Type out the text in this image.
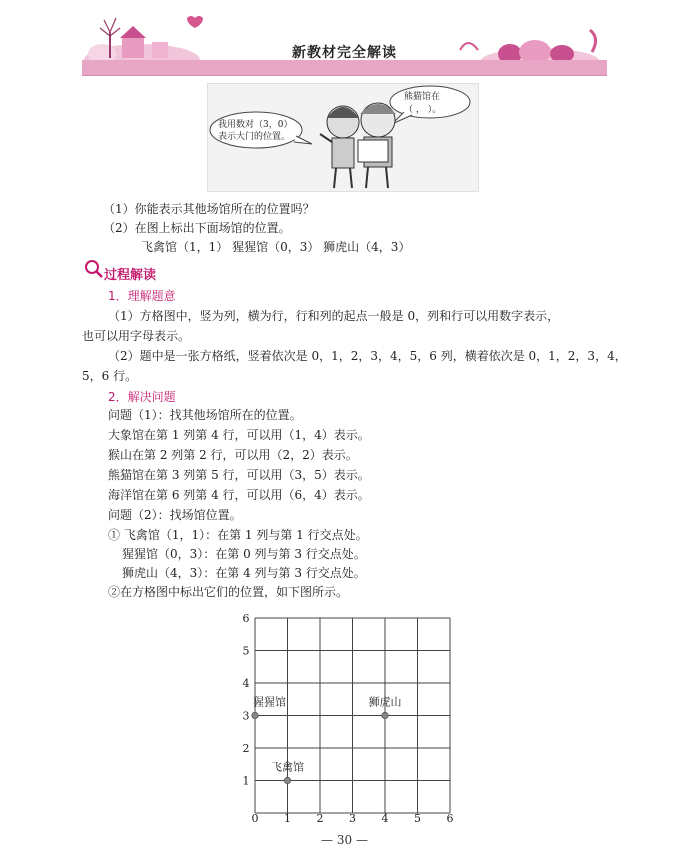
新教材完全解读
我用数对（3，0）
表示大门的位置。
熊猫馆在
（ ， ）。
（1）你能表示其他场馆所在的位置吗？
（2）在图上标出下面场馆的位置。
飞禽馆（1，1） 猩猩馆（0，3） 狮虎山（4，3）
过程解读
1．理解题意
（1）方格图中，竖为列，横为行，行和列的起点一般是 0，列和行可以用数字表示，
也可以用字母表示。
（2）题中是一张方格纸，竖着依次是 0，1，2，3，4，5，6 列，横着依次是 0，1，2，3，4，
5，6 行。
2．解决问题
问题（1）：找其他场馆所在的位置。
大象馆在第 1 列第 4 行，可以用（1，4）表示。
猴山在第 2 列第 2 行，可以用（2，2）表示。
熊猫馆在第 3 列第 5 行，可以用（3，5）表示。
海洋馆在第 6 列第 4 行，可以用（6，4）表示。
问题（2）：找场馆位置。
① 飞禽馆（1，1）：在第 1 列与第 1 行交点处。
猩猩馆（0，3）：在第 0 列与第 3 行交点处。
狮虎山（4，3）：在第 4 列与第 3 行交点处。
②在方格图中标出它们的位置，如下图所示。
0 1 2 3 4 5 6
1
2
3
4
5
6
猩猩馆	狮虎山
飞禽馆
— 30 —
